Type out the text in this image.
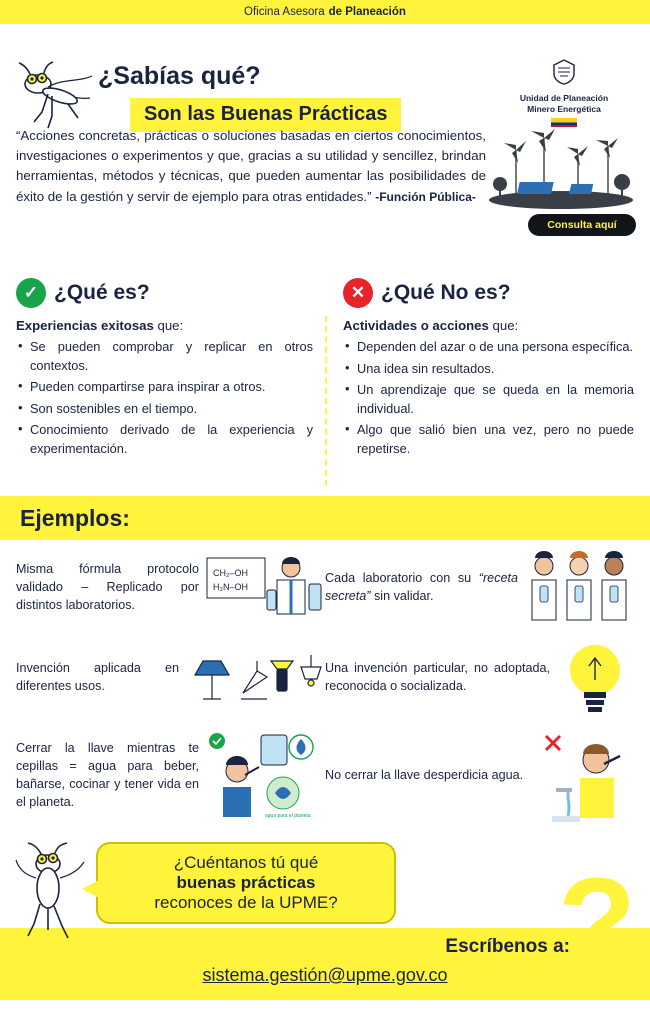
Oficina Asesora de Planeación
¿Sabías qué?
Son las Buenas Prácticas
Unidad de Planeación
Minero Energética
“Acciones concretas, prácticas o soluciones basadas en ciertos conocimientos, investigaciones o experimentos y que, gracias a su utilidad y sencillez, brindan herramientas, métodos y técnicas, que pueden aumentar las posibilidades de éxito de la gestión y servir de ejemplo para otras entidades.” -Función Pública-
Consulta aquí
✓ ¿Qué es?
Experiencias exitosas que:
• Se pueden comprobar y replicar en otros contextos.
• Pueden compartirse para inspirar a otros.
• Son sostenibles en el tiempo.
• Conocimiento derivado de la experiencia y experimentación.
✕ ¿Qué No es?
Actividades o acciones que:
• Dependen del azar o de una persona específica.
• Una idea sin resultados.
• Un aprendizaje que se queda en la memoria individual.
• Algo que salió bien una vez, pero no puede repetirse.
Ejemplos:
Misma fórmula protocolo validado – Replicado por distintos laboratorios.
CH₂–OH
H₂N–OH
Cada laboratorio con su “receta secreta” sin validar.
Invención aplicada en diferentes usos.
Una invención particular, no adoptada, reconocida o socializada.
Cerrar la llave mientras te cepillas = agua para beber, bañarse, cocinar y tener vida en el planeta.
agua para el planeta
No cerrar la llave desperdicia agua.
?
¿Cuéntanos tú qué
buenas prácticas
reconoces de la UPME?
Escríbenos a:
sistema.gestión@upme.gov.co
